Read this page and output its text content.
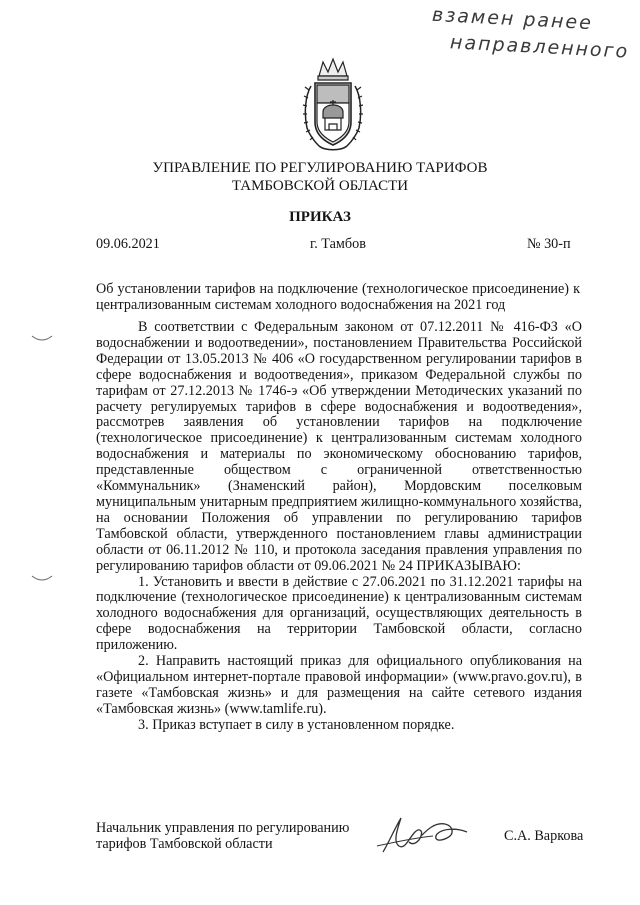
взамен ранее
направленного
УПРАВЛЕНИЕ ПО РЕГУЛИРОВАНИЮ ТАРИФОВ
ТАМБОВСКОЙ ОБЛАСТИ
ПРИКАЗ
09.06.2021	г. Тамбов	№ 30-п
Об установлении тарифов на подключение (технологическое присоединение) к централизованным системам холодного водоснабжения на 2021 год

В соответствии с Федеральным законом от 07.12.2011 № 416-ФЗ «О водоснабжении и водоотведении», постановлением Правительства Российской Федерации от 13.05.2013 № 406 «О государственном регулировании тарифов в сфере водоснабжения и водоотведения», приказом Федеральной службы по тарифам от 27.12.2013 № 1746-э «Об утверждении Методических указаний по расчету регулируемых тарифов в сфере водоснабжения и водоотведения», рассмотрев заявления об установлении тарифов на подключение (технологическое присоединение) к централизованным системам холодного водоснабжения и материалы по экономическому обоснованию тарифов, представленные обществом с ограниченной ответственностью «Коммунальник» (Знаменский район), Мордовским поселковым муниципальным унитарным предприятием жилищно-коммунального хозяйства, на основании Положения об управлении по регулированию тарифов Тамбовской области, утвержденного постановлением главы администрации области от 06.11.2012 № 110, и протокола заседания правления управления по регулированию тарифов области от 09.06.2021 № 24 ПРИКАЗЫВАЮ:

1. Установить и ввести в действие с 27.06.2021 по 31.12.2021 тарифы на подключение (технологическое присоединение) к централизованным системам холодного водоснабжения для организаций, осуществляющих деятельность в сфере водоснабжения на территории Тамбовской области, согласно приложению.

2. Направить настоящий приказ для официального опубликования на «Официальном интернет-портале правовой информации» (www.pravo.gov.ru), в газете «Тамбовская жизнь» и для размещения на сайте сетевого издания «Тамбовская жизнь» (www.tamlife.ru).

3. Приказ вступает в силу в установленном порядке.

Начальник управления по регулированию
тарифов Тамбовской области	С.А. Варкова
